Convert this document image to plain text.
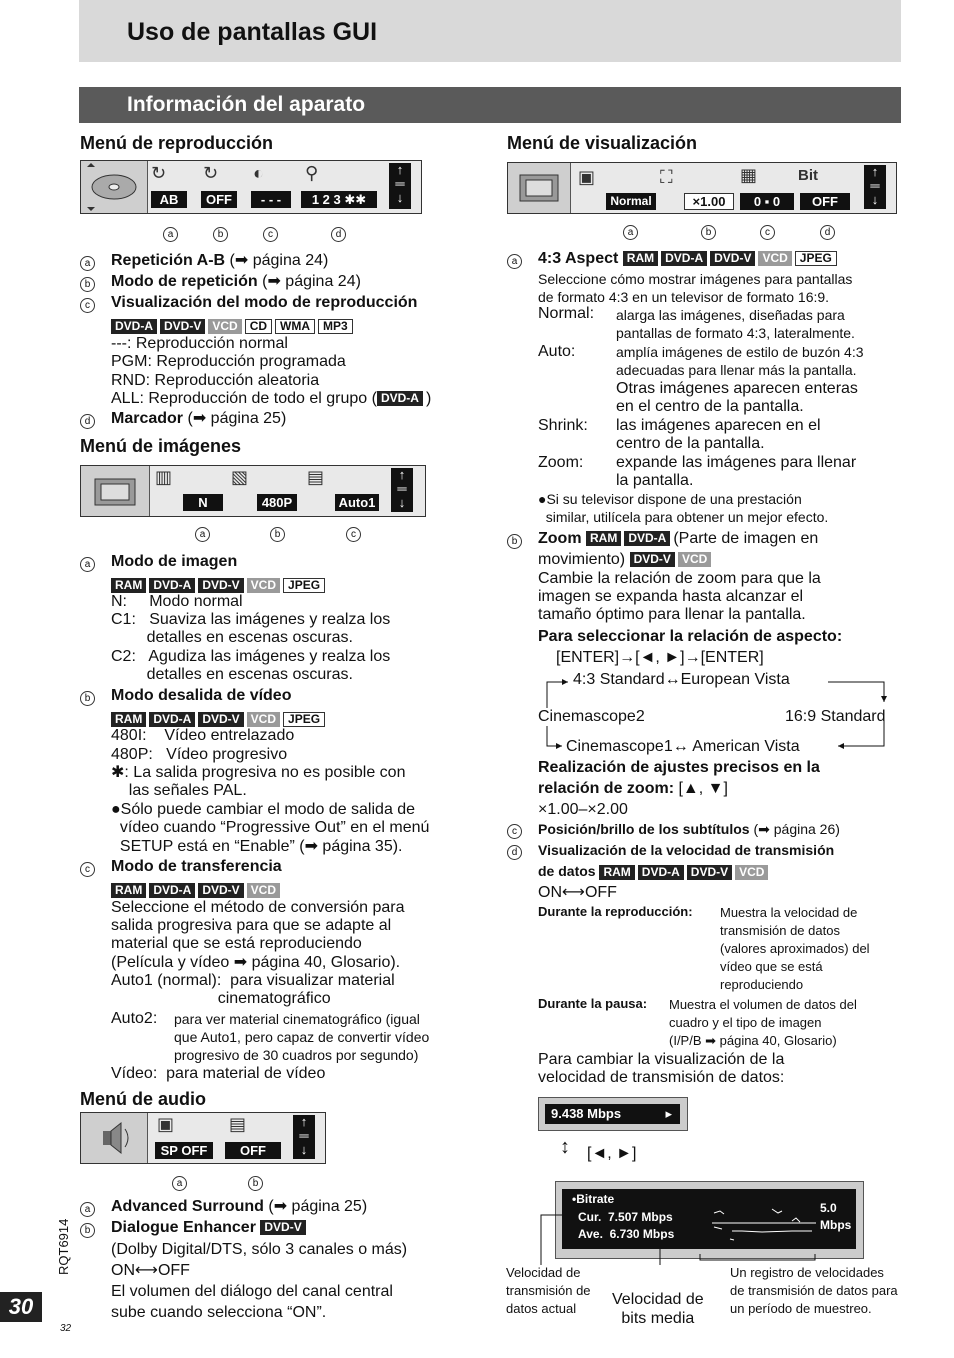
Uso de pantallas GUI
Información del aparato
Menú de reproducción
↻ ↻ ◐ ⚲
AB	OFF	- - -	1 2 3 ✱✱
↑
═
↓
a	b	c	d
a Repetición A-B (➡ página 24)
b Modo de repetición (➡ página 24)
c	Visualización del modo de reproducción
DVD-A DVD-V VCD CD WMA MP3
---: Reproducción normal
PGM: Reproducción programada
RND: Reproducción aleatoria
ALL: Reproducción de todo el grupo ( DVD-A )
d Marcador (➡ página 25)
Menú de imágenes
▥	▧	▤
N	480P	Auto1
↑
═
↓
a	b	c
a Modo de imagen
RAM DVD-A DVD-V VCD JPEG
N:     Modo normal
C1:   Suaviza las imágenes y realza los
detalles en escenas oscuras.
C2:   Agudiza las imágenes y realza los
detalles en escenas oscuras.
b Modo desalida de vídeo
RAM DVD-A DVD-V VCD JPEG
480I:    Vídeo entrelazado
480P:   Vídeo progresivo
✱: La salida progresiva no es posible con
las señales PAL.
●Sólo puede cambiar el modo de salida de
vídeo cuando “Progressive Out” en el menú
SETUP está en “Enable” (➡ página 35).
c	Modo de transferencia
RAM DVD-A DVD-V VCD
Seleccione el método de conversión para
salida progresiva para que se adapte al
material que se está reproduciendo
(Película y vídeo ➡ página 40, Glosario).
Auto1 (normal):  para visualizar material
cinematográfico
Auto2: para ver material cinematográfico (igual
que Auto1, pero capaz de convertir vídeo
progresivo de 30 cuadros por segundo)
Vídeo:  para material de vídeo
Menú de audio
▣	▤
SP OFF	OFF
↑
═
↓
a	b
a Advanced Surround (➡ página 25)
b Dialogue Enhancer DVD-V
(Dolby Digital/DTS, sólo 3 canales o más)
ON⟷OFF
El volumen del diálogo del canal central
sube cuando selecciona “ON”.
RQT6914
30
32
Menú de visualización
▣	⛶	▦	Bit
Normal	×1.00	0 ▪ 0	OFF
↑
═
↓
a	b	c	d
a 4:3 Aspect RAM DVD-A DVD-V VCD JPEG
Seleccione cómo mostrar imágenes para pantallas
de formato 4:3 en un televisor de formato 16:9.
Normal: alarga las imágenes, diseñadas para
pantallas de formato 4:3, lateralmente.
Auto:	amplía imágenes de estilo de buzón 4:3
adecuadas para llenar más la pantalla.
Otras imágenes aparecen enteras
en el centro de la pantalla.
Shrink: las imágenes aparecen en el
centro de la pantalla.
Zoom: expande las imágenes para llenar
la pantalla.
●Si su televisor dispone de una prestación
similar, utilícela para obtener un mejor efecto.
b Zoom RAM DVD-A (Parte de imagen en
movimiento) DVD-V VCD
Cambie la relación de zoom para que la
imagen se expanda hasta alcanzar el
tamaño óptimo para llenar la pantalla.
Para seleccionar la relación de aspecto:
[ENTER]→[◄, ►]→[ENTER]
4:3 Standard↔European Vista
Cinemascope2	16:9 Standard
Cinemascope1↔ American Vista
Realización de ajustes precisos en la
relación de zoom: [▲, ▼]
×1.00–×2.00
c	Posición/brillo de los subtítulos (➡ página 26)
d	Visualización de la velocidad de transmisión
de datos RAM DVD-A DVD-V VCD
ON⟷OFF
Durante la reproducción: Muestra la velocidad de
transmisión de datos
(valores aproximados) del
vídeo que se está
reproduciendo
Durante la pausa: Muestra el volumen de datos del
cuadro y el tipo de imagen
(I/P/B ➡ página 40, Glosario)
Para cambiar la visualización de la
velocidad de transmisión de datos:
9.438 Mbps	▸
↕ [◄, ►]
•Bitrate
Cur.  7.507 Mbps
Ave.  6.730 Mbps
5.0
Mbps
Velocidad de
transmisión de
datos actual
Velocidad de
bits media
Un registro de velocidades
de transmisión de datos para
un período de muestreo.
